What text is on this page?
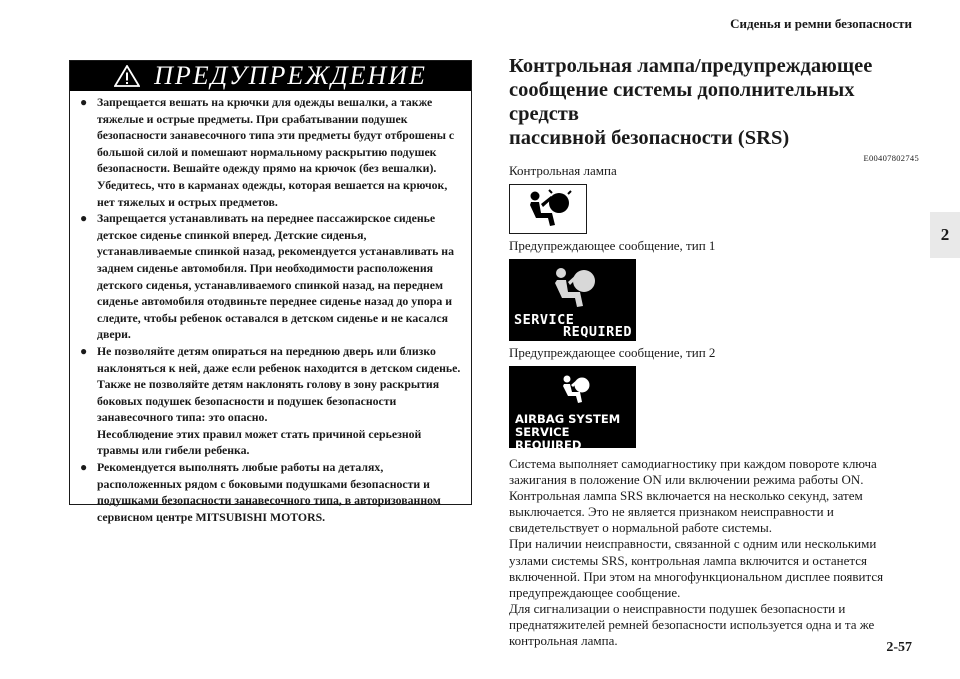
Сиденья и ремни безопасности
2
2-57
ПРЕДУПРЕЖДЕНИЕ
● Запрещается вешать на крючки для одежды вешалки, а также тяжелые и острые предметы. При срабатывании подушек безопасности занавесочного типа эти предметы будут отброшены с большой силой и помешают нормальному раскрытию подушек безопасности. Вешайте одежду прямо на крючок (без вешалки). Убедитесь, что в карманах одежды, которая вешается на крючок, нет тяжелых и острых предметов.

● Запрещается устанавливать на переднее пассажирское сиденье детское сиденье спинкой вперед. Детские сиденья, устанавливаемые спинкой назад, рекомендуется устанавливать на заднем сиденье автомобиля. При необходимости расположения детского сиденья, устанавливаемого спинкой назад, на переднем сиденье автомобиля отодвиньте переднее сиденье назад до упора и следите, чтобы ребенок оставался в детском сиденье и не касался двери.

● Не позволяйте детям опираться на переднюю дверь или близко наклоняться к ней, даже если ребенок находится в детском сиденье.

Также не позволяйте детям наклонять голову в зону раскрытия боковых подушек безопасности и подушек безопасности занавесочного типа: это опасно.

Несоблюдение этих правил может стать причиной серьезной травмы или гибели ребенка.

● Рекомендуется выполнять любые работы на деталях, расположенных рядом с боковыми подушками безопасности и подушками безопасности занавесочного типа, в авторизованном сервисном центре MITSUBISHI MOTORS.

Контрольная лампа/предупреждающее
сообщение системы дополнительных средств
пассивной безопасности (SRS)
E00407802745

Контрольная лампа

Предупреждающее сообщение, тип 1

SERVICE
REQUIRED

Предупреждающее сообщение, тип 2

AIRBAG SYSTEM
SERVICE REQUIRED

Система выполняет самодиагностику при каждом повороте ключа
зажигания в положение ON или включении режима работы ON.
Контрольная лампа SRS включается на несколько секунд, затем
выключается. Это не является признаком неисправности и
свидетельствует о нормальной работе системы.
При наличии неисправности, связанной с одним или несколькими
узлами системы SRS, контрольная лампа включится и останется
включенной. При этом на многофункциональном дисплее появится
предупреждающее сообщение.
Для сигнализации о неисправности подушек безопасности и
преднатяжителей ремней безопасности используется одна и та же
контрольная лампа.
